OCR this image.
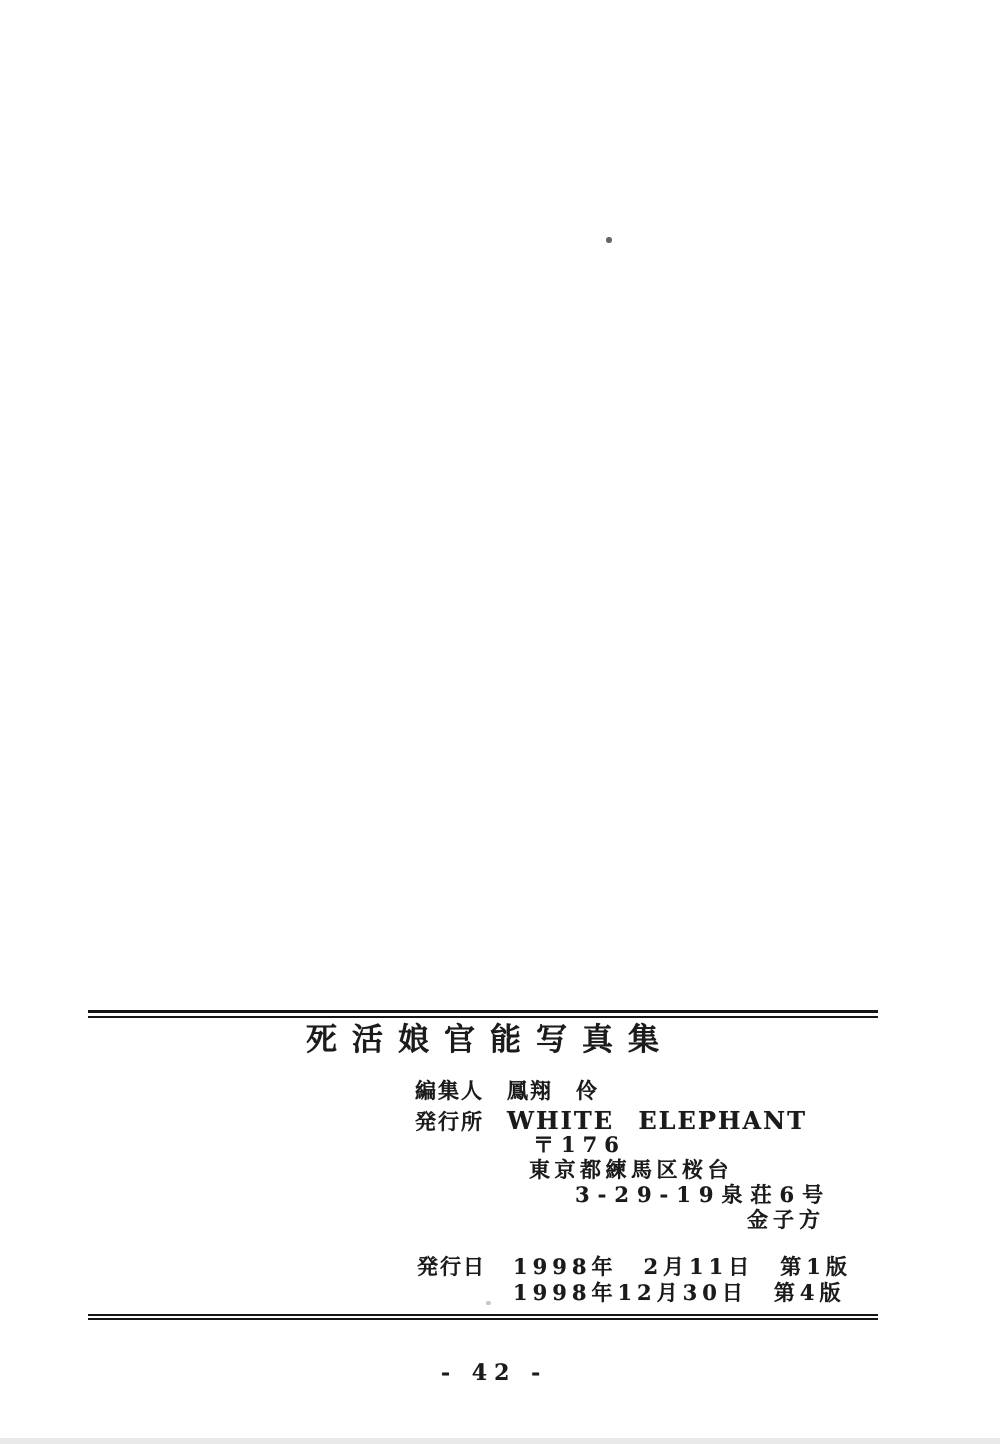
死活娘官能写真集
編集人 鳳翔　伶
発行所 WHITE ELEPHANT
〒176
東京都練馬区桜台
3-29-19泉荘6号
金子方
発行日 1998年　2月11日　第1版
1998年12月30日　第4版
- 42 -
